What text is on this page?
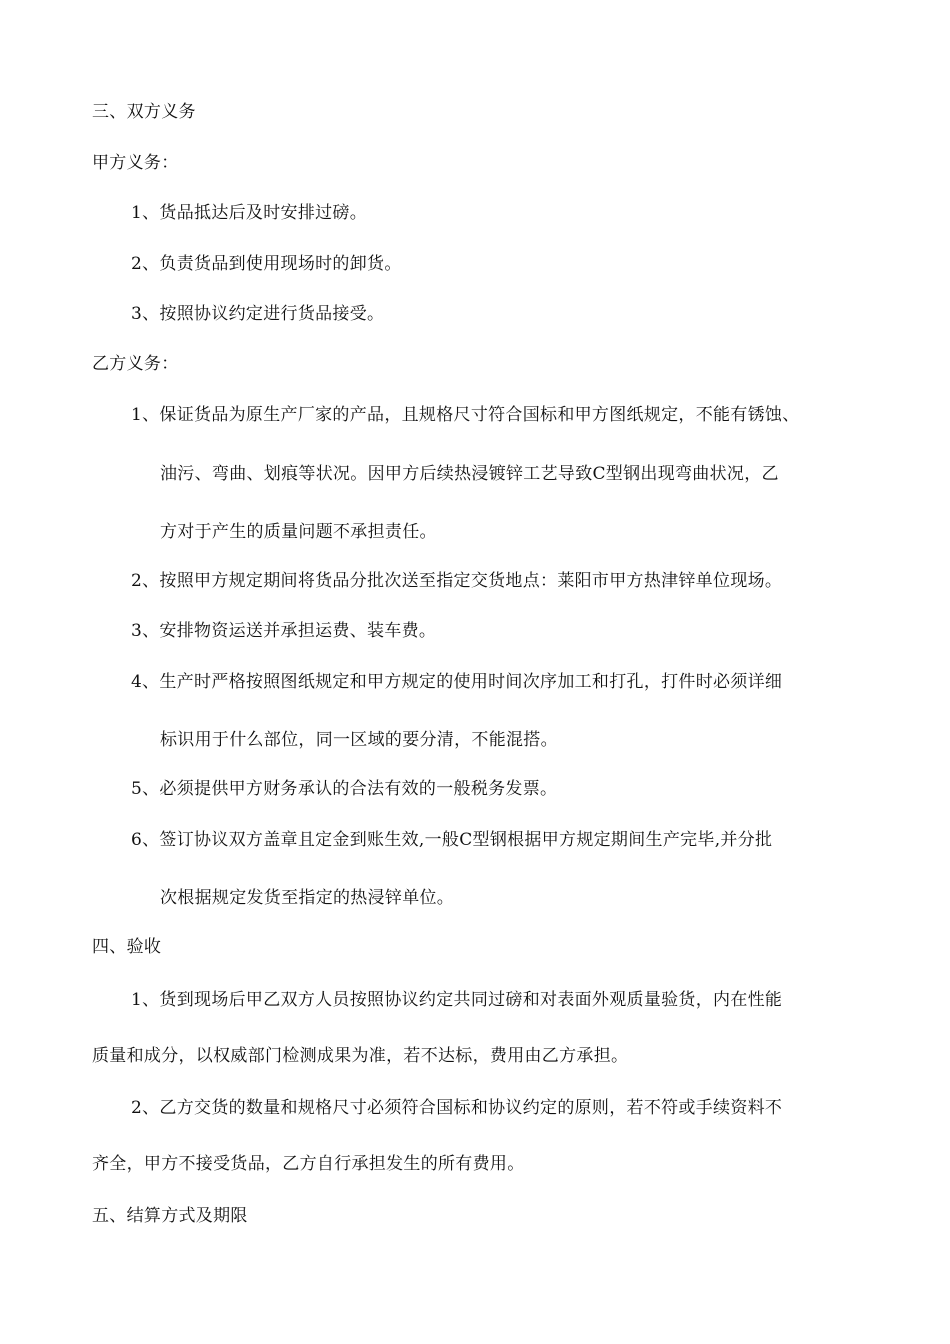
三、双方义务
甲方义务：
1、货品抵达后及时安排过磅。
2、负责货品到使用现场时的卸货。
3、按照协议约定进行货品接受。
乙方义务：
1、保证货品为原生产厂家的产品，且规格尺寸符合国标和甲方图纸规定，不能有锈蚀、
油污、弯曲、划痕等状况。因甲方后续热浸镀锌工艺导致C型钢出现弯曲状况，乙
方对于产生的质量问题不承担责任。
2、按照甲方规定期间将货品分批次送至指定交货地点：莱阳市甲方热津锌单位现场。
3、安排物资运送并承担运费、装车费。
4、生产时严格按照图纸规定和甲方规定的使用时间次序加工和打孔，打件时必须详细
标识用于什么部位，同一区域的要分清，不能混搭。
5、必须提供甲方财务承认的合法有效的一般税务发票。
6、签订协议双方盖章且定金到账生效,一般C型钢根据甲方规定期间生产完毕,并分批
次根据规定发货至指定的热浸锌单位。
四、验收
1、货到现场后甲乙双方人员按照协议约定共同过磅和对表面外观质量验货，内在性能
质量和成分，以权威部门检测成果为准，若不达标，费用由乙方承担。
2、乙方交货的数量和规格尺寸必须符合国标和协议约定的原则，若不符或手续资料不
齐全，甲方不接受货品，乙方自行承担发生的所有费用。
五、结算方式及期限
